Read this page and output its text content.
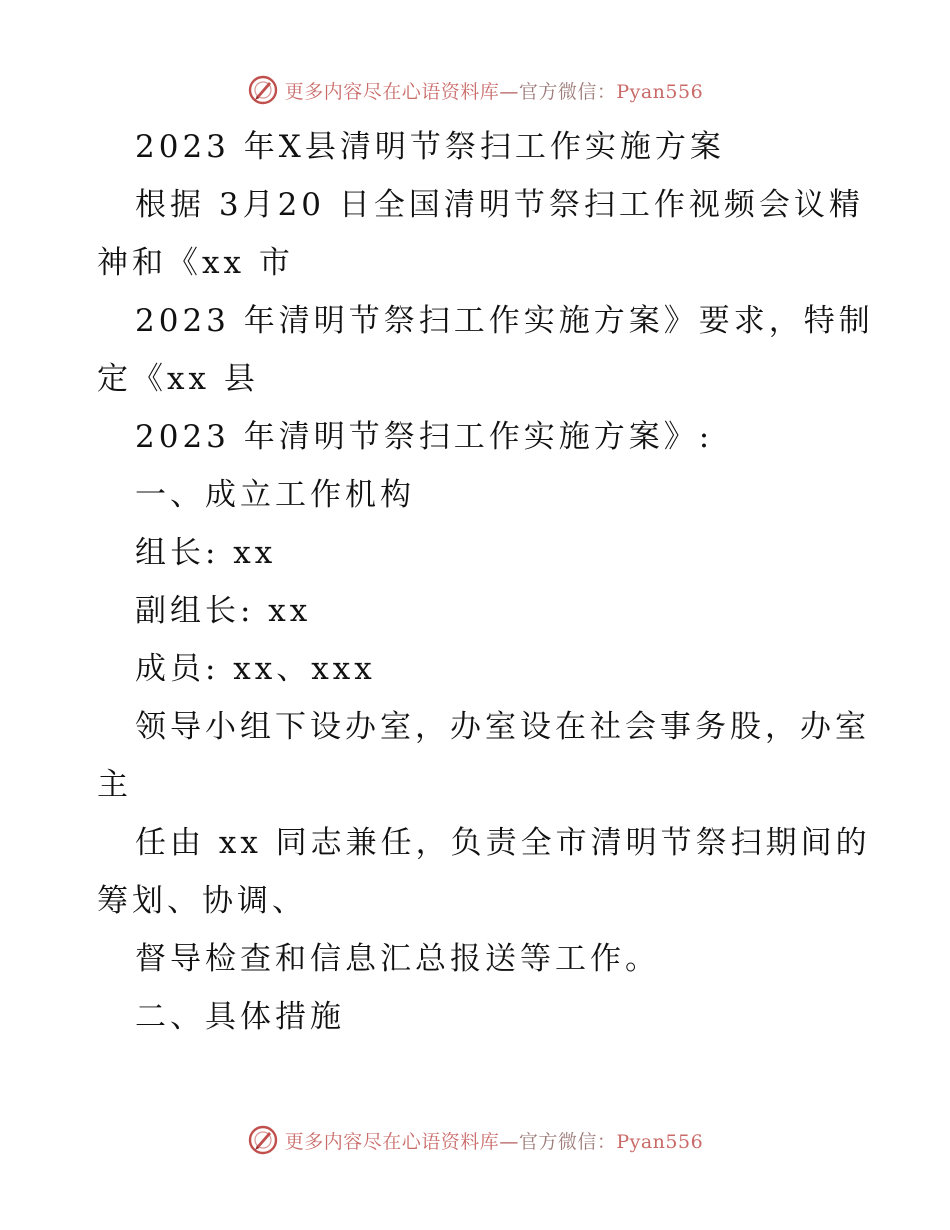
更多内容尽在心语资料库—官方微信：Pyan556
2023 年X县清明节祭扫工作实施方案
根据 3月20 日全国清明节祭扫工作视频会议精
神和《xx 市
2023 年清明节祭扫工作实施方案》要求，特制
定《xx 县
2023 年清明节祭扫工作实施方案》:
一、成立工作机构
组长: xx
副组长: xx
成员: xx、xxx
领导小组下设办室，办室设在社会事务股，办室
主
任由 xx 同志兼任，负责全市清明节祭扫期间的
筹划、协调、
督导检查和信息汇总报送等工作。
二、具体措施
更多内容尽在心语资料库—官方微信：Pyan556
